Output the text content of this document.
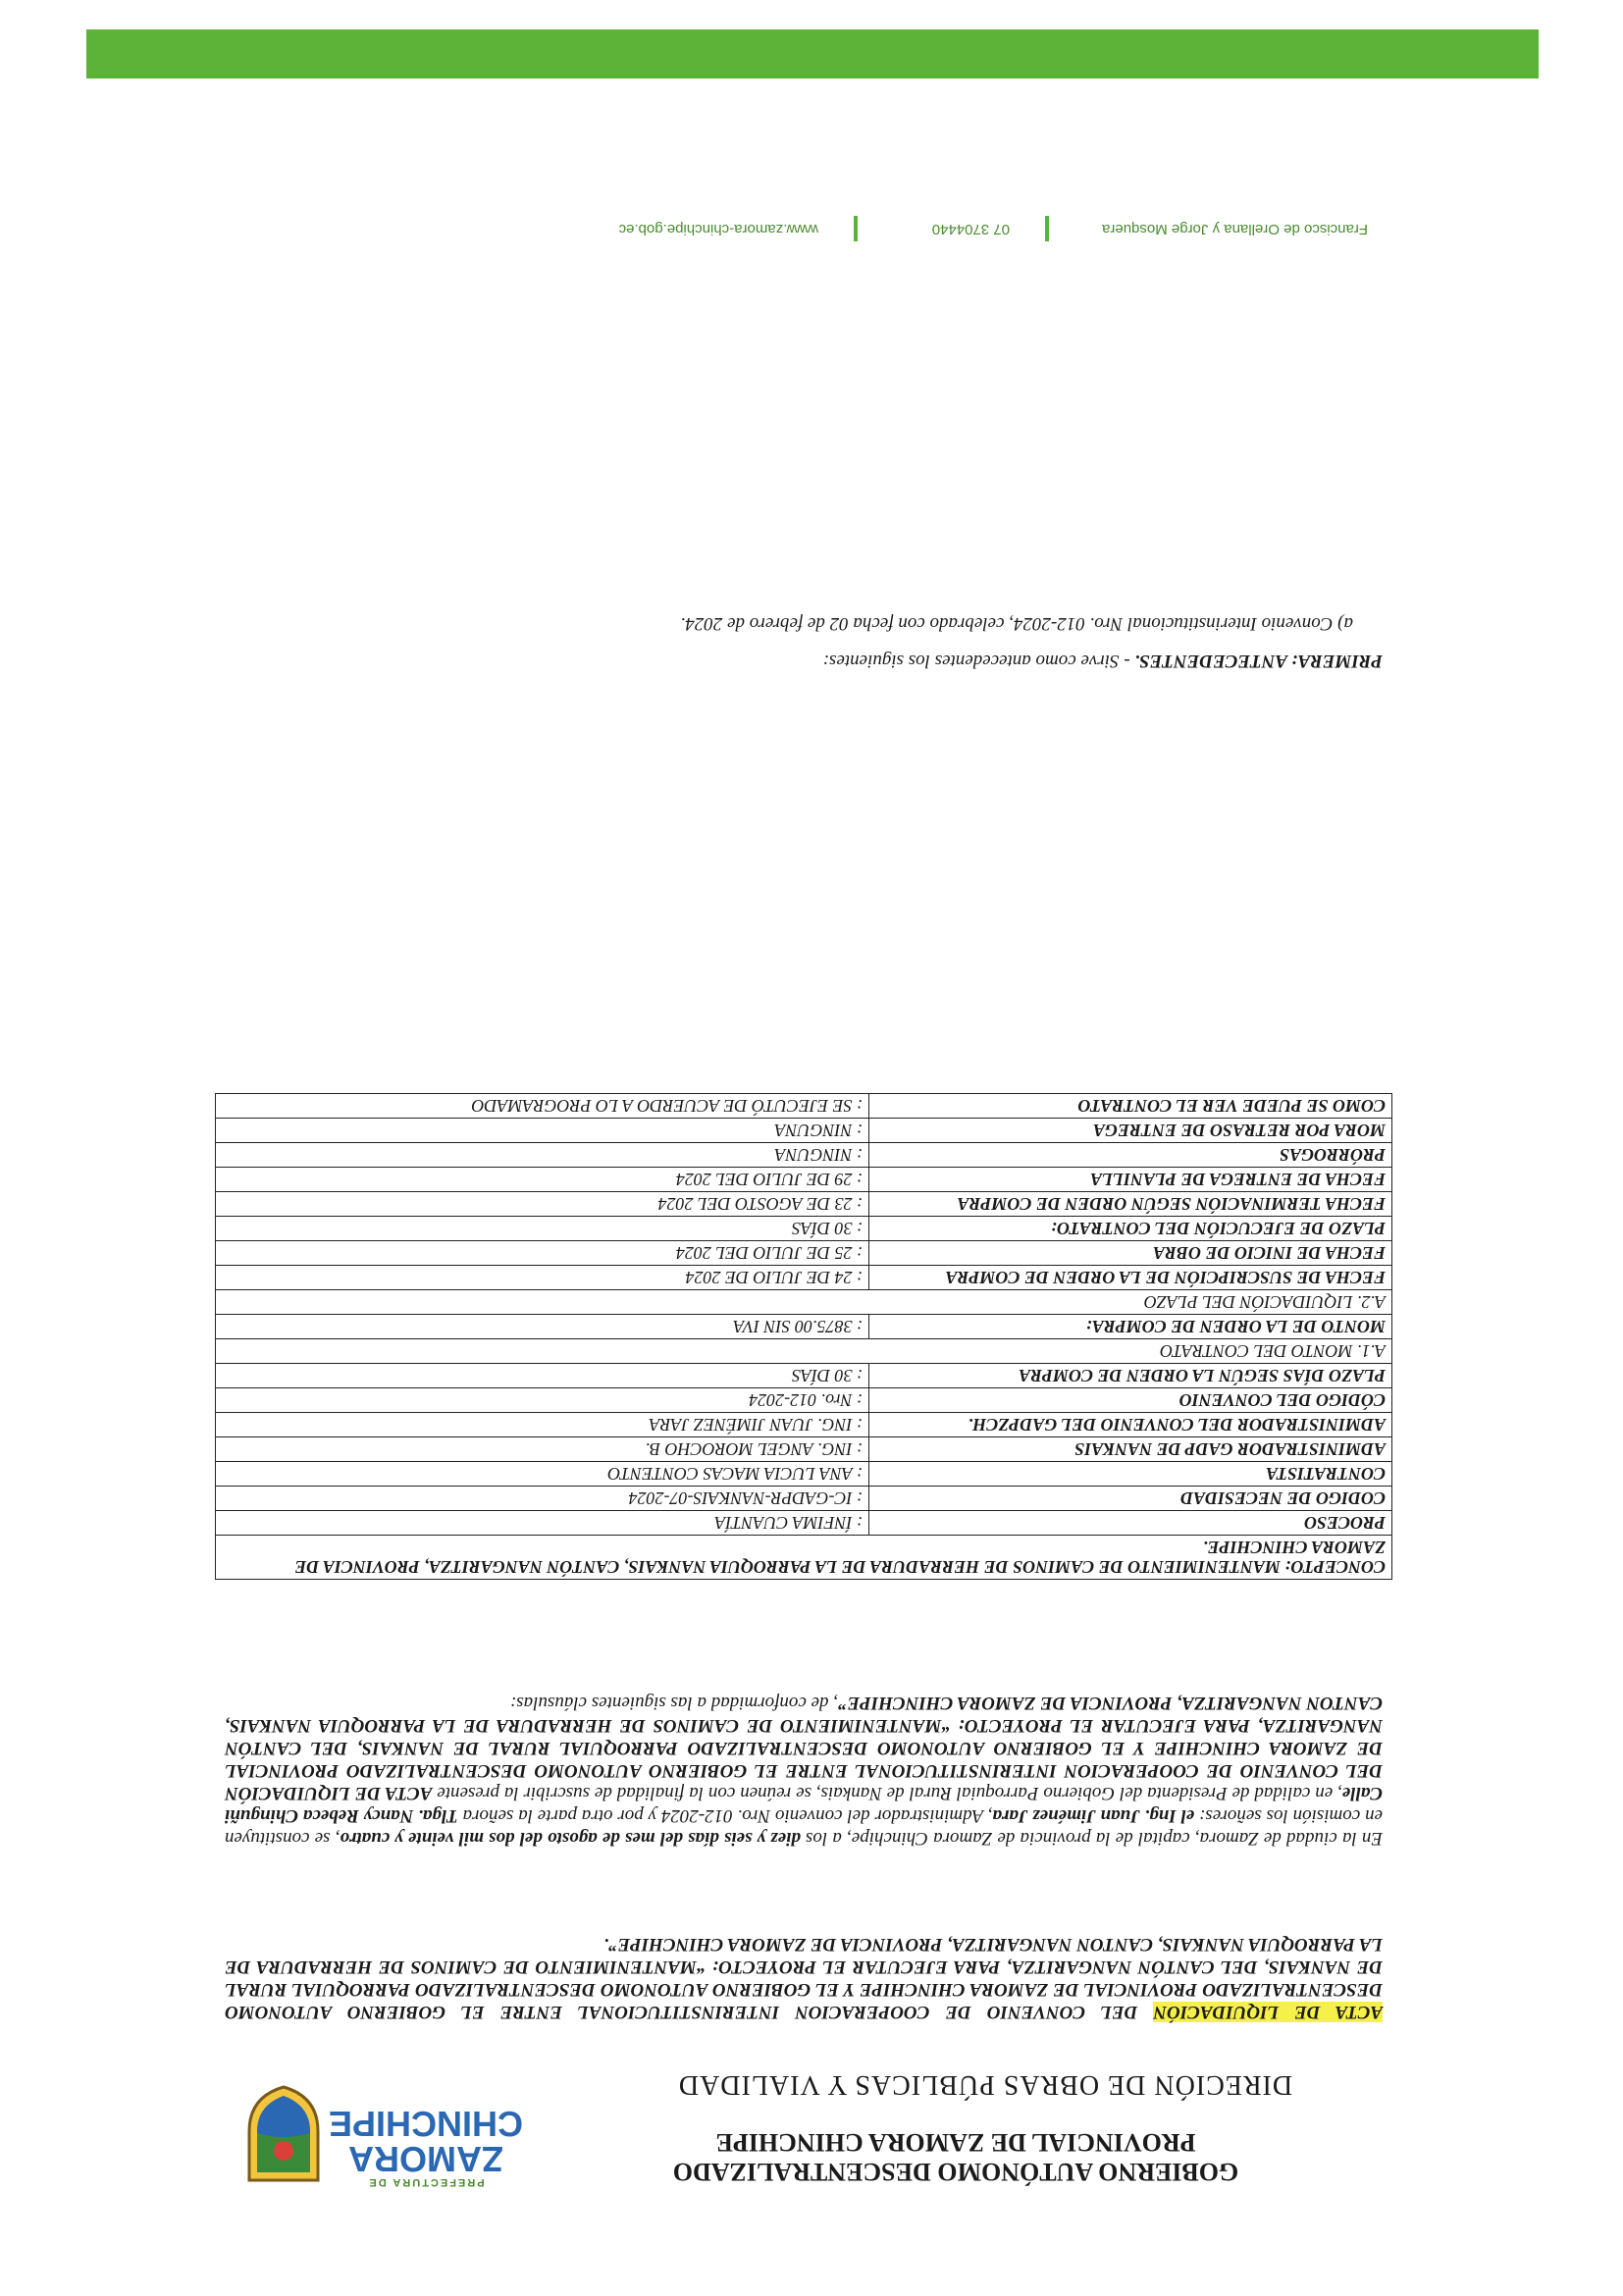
PREFECTURA DE
ZAMORA
CHINCHIPE
GOBIERNO AUTÓNOMO DESCENTRALIZADO
PROVINCIAL DE ZAMORA CHINCHIPE
DIRECIÓN DE OBRAS PÚBLICAS Y VIALIDAD
ACTA DE LIQUIDACIÓN DEL CONVENIO DE COOPERACION INTERINSTITUCIONAL ENTRE EL GOBIERNO AUTONOMO DESCENTRALIZADO PROVINCIAL DE ZAMORA CHINCHIPE Y EL GOBIERNO AUTONOMO DESCENTRALIZADO PARROQUIAL RURAL DE NANKAIS, DEL CANTÓN NANGARITZA, PARA EJECUTAR EL PROYECTO: “MANTENIMIENTO DE CAMINOS DE HERRADURA DE LA PARROQUIA NANKAIS, CANTON NANGARITZA, PROVINCIA DE ZAMORA CHINCHIPE”.
En la ciudad de Zamora, capital de la provincia de Zamora Chinchipe, a los diez y seis días del mes de agosto del dos mil veinte y cuatro, se constituyen en comisión los señores: el Ing. Juan Jiménez Jara, Administrador del convenio Nro. 012-2024 y por otra parte la señora Tlga. Nancy Rebeca Chinguñi Calle, en calidad de Presidenta del Gobierno Parroquial Rural de Nankais, se reúnen con la finalidad de suscribir la presente ACTA DE LIQUIDACIÓN DEL CONVENIO DE COOPERACION INTERINSTITUCIONAL ENTRE EL GOBIERNO AUTONOMO DESCENTRALIZADO PROVINCIAL DE ZAMORA CHINCHIPE Y EL GOBIERNO AUTONOMO DESCENTRALIZADO PARROQUIAL RURAL DE NANKAIS, DEL CANTÓN NANGARITZA, PARA EJECUTAR EL PROYECTO: “MANTENIMIENTO DE CAMINOS DE HERRADURA DE LA PARROQUIA NANKAIS, CANTON NANGARITZA, PROVINCIA DE ZAMORA CHINCHIPE”, de conformidad a las siguientes cláusulas:
CONCEPTO: MANTENIMIENTO DE CAMINOS DE HERRADURA DE LA PARROQUIA NANKAIS, CANTÓN NANGARITZA, PROVINCIA DE ZAMORA CHINCHIPE.	
PROCESO	: ÍNFIMA CUANTÍA
CODIGO DE NECESIDAD	: IC-GADPR-NANKAIS-07-2024
CONTRATISTA	: ANA LUCIA MACAS CONTENTO
ADMINISTRADOR GADP DE NANKAIS	: ING. ANGEL MOROCHO B.
ADMINISTRADOR DEL CONVENIO DEL GADPZCH.	: ING. JUAN JIMÉNEZ JARA
CÓDIGO DEL CONVENIO	: Nro. 012-2024
PLAZO DÍAS SEGÚN LA ORDEN DE COMPRA	: 30 DÍAS
A.1. MONTO DEL CONTRATO	
MONTO DE LA ORDEN DE COMPRA:	: 3875.00 SIN IVA
A.2. LIQUIDACIÓN DEL PLAZO	
FECHA DE SUSCRIPCIÓN DE LA ORDEN DE COMPRA	: 24 DE JULIO DE 2024
FECHA DE INICIO DE OBRA	: 25 DE JULIO DEL 2024
PLAZO DE EJECUCIÓN DEL CONTRATO:	: 30 DÍAS
FECHA TERMINACIÓN SEGÚN ORDEN DE COMPRA	: 23 DE AGOSTO DEL 2024
FECHA DE ENTREGA DE PLANILLA	: 29 DE JULIO DEL 2024
PRÓRROGAS	: NINGUNA
MORA POR RETRASO DE ENTREGA	: NINGUNA
COMO SE PUEDE VER EL CONTRATO	: SE EJECUTÓ DE ACUERDO A LO PROGRAMADO
PRIMERA: ANTECEDENTES. - Sirve como antecedentes los siguientes:
a) Convenio Interinstitucional Nro. 012-2024, celebrado con fecha 02 de febrero de 2024.
Francisco de Orellana y Jorge Mosquera
07 3704440
www.zamora-chinchipe.gob.ec
